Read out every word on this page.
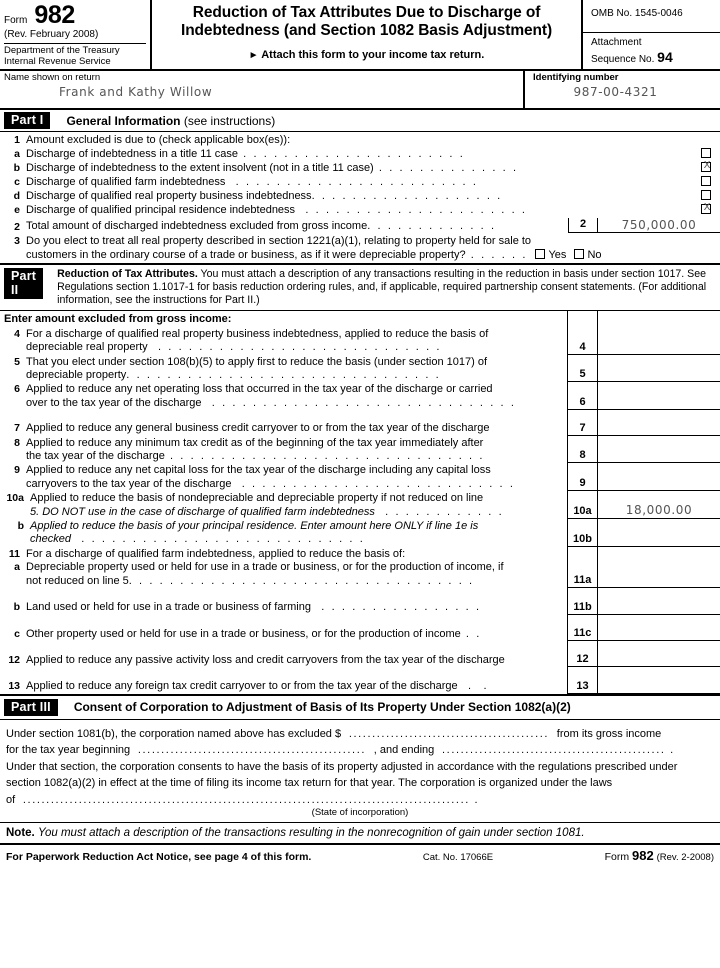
Form 982
(Rev. February 2008)
Department of the Treasury
Internal Revenue Service
Reduction of Tax Attributes Due to Discharge of
Indebtedness (and Section 1082 Basis Adjustment)
► Attach this form to your income tax return.
OMB No. 1545-0046
Attachment
Sequence No. 94
Name shown on return
Frank and Kathy Willow
Identifying number
987-00-4321
Part I	General Information (see instructions)
1 Amount excluded is due to (check applicable box(es)):
a Discharge of indebtedness in a title 11 case . . . . . . . . . . . . . . . . . . . . . .
b Discharge of indebtedness to the extent insolvent (not in a title 11 case) . . . . . . . . . . . . . .
X
c Discharge of qualified farm indebtedness  . . . . . . . . . . . . . . . . . . . . . . . .
d Discharge of qualified real property business indebtedness. . . . . . . . . . . . . . . . . . .
e Discharge of qualified principal residence indebtedness  . . . . . . . . . . . . . . . . . . . . . .
X
2 Total amount of discharged indebtedness excluded from gross income. . . . . . . . . . . . .	2	750,000.00
3 Do you elect to treat all real property described in section 1221(a)(1), relating to property held for sale to
customers in the ordinary course of a trade or business, as if it were depreciable property? . . . . . .	Yes	No
Part II
Reduction of Tax Attributes. You must attach a description of any transactions resulting in the reduction in basis under section 1017. See Regulations section 1.1017-1 for basis reduction ordering rules, and, if applicable, required partnership consent statements. (For additional information, see the instructions for Part II.)
Enter amount excluded from gross income:
4 For a discharge of qualified real property business indebtedness, applied to reduce the basis of
depreciable real property . . . . . . . . . . . . . . . . . . . . . . . . . . . .	4
5 That you elect under section 108(b)(5) to apply first to reduce the basis (under section 1017) of
depreciable property . . . . . . . . . . . . . . . . . . . . . . . . . . . . . . .	5
6 Applied to reduce any net operating loss that occurred in the tax year of the discharge or carried
over to the tax year of the discharge . . . . . . . . . . . . . . . . . . . . . . . . . . . . . .	6
7 Applied to reduce any general business credit carryover to or from the tax year of the discharge	7
8 Applied to reduce any minimum tax credit as of the beginning of the tax year immediately after
the tax year of the discharge . . . . . . . . . . . . . . . . . . . . . . . . . . . . . . .	8
9 Applied to reduce any net capital loss for the tax year of the discharge including any capital loss
carryovers to the tax year of the discharge . . . . . . . . . . . . . . . . . . . . . . . . . . .	9
10a Applied to reduce the basis of nondepreciable and depreciable property if not reduced on line
5. DO NOT use in the case of discharge of qualified farm indebtedness . . . . . . . . . . . .	10a	18,000.00
b Applied to reduce the basis of your principal residence. Enter amount here ONLY if line 1e is
checked . . . . . . . . . . . . . . . . . . . . . . . . . . . .	10b
11 For a discharge of qualified farm indebtedness, applied to reduce the basis of:
a Depreciable property used or held for use in a trade or business, or for the production of income, if
not reduced on line 5 . . . . . . . . . . . . . . . . . . . . . . . . . . . . . . . . . .	11a
b Land used or held for use in a trade or business of farming . . . . . . . . . . . . . . . .	11b
c Other property used or held for use in a trade or business, or for the production of income . .	11c
12 Applied to reduce any passive activity loss and credit carryovers from the tax year of the discharge	12
13 Applied to reduce any foreign tax credit carryover to or from the tax year of the discharge .  .	13
Part III	Consent of Corporation to Adjustment of Basis of Its Property Under Section 1082(a)(2)
Under section 1081(b), the corporation named above has excluded $  ...........................................  from its gross income
for the tax year beginning  .................................................  , and ending  ................................................ .
Under that section, the corporation consents to have the basis of its property adjusted in accordance with the regulations prescribed under section 1082(a)(2) in effect at the time of filing its income tax return for that year. The corporation is organized under the laws
of  ................................................................................................ .
(State of incorporation)
Note. You must attach a description of the transactions resulting in the nonrecognition of gain under section 1081.
For Paperwork Reduction Act Notice, see page 4 of this form.	Cat. No. 17066E	Form 982 (Rev. 2-2008)
